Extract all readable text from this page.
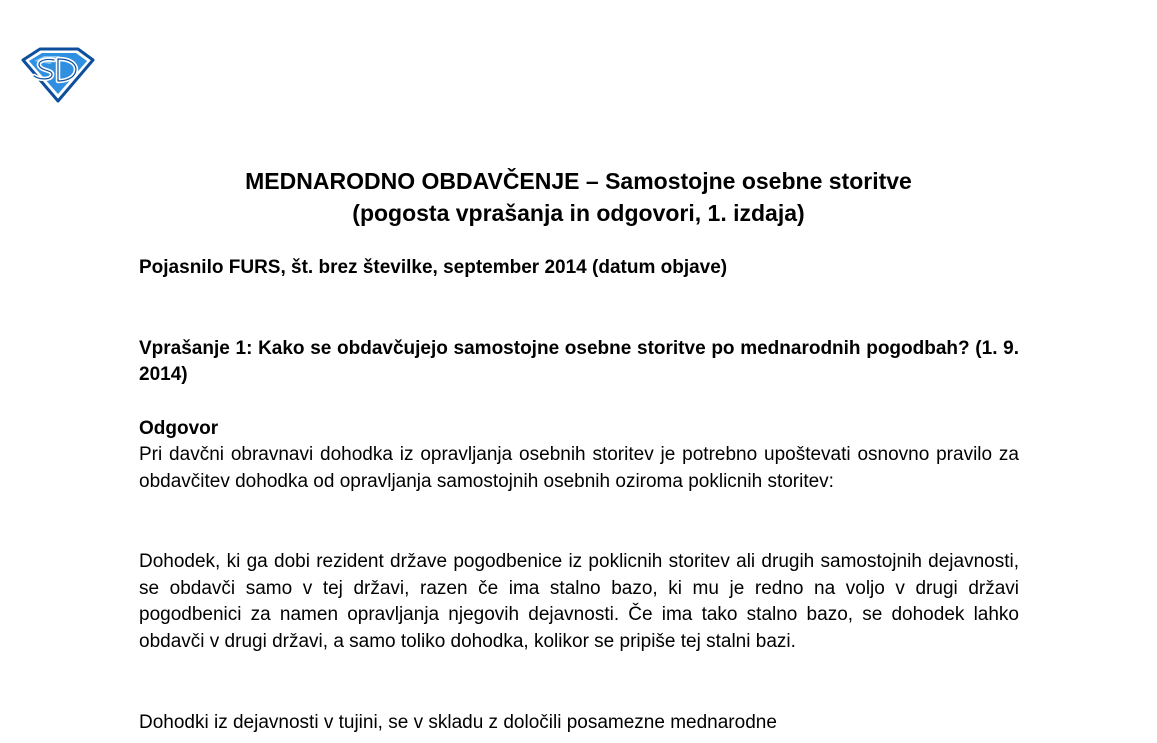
MEDNARODNO OBDAVČENJE – Samostojne osebne storitve
(pogosta vprašanja in odgovori, 1. izdaja)
Pojasnilo FURS, št. brez številke, september 2014 (datum objave)
Vprašanje 1: Kako se obdavčujejo samostojne osebne storitve po mednarodnih pogodbah? (1. 9. 2014)
Odgovor

Pri davčni obravnavi dohodka iz opravljanja osebnih storitev je potrebno upoštevati osnovno pravilo za obdavčitev dohodka od opravljanja samostojnih osebnih oziroma poklicnih storitev:

Dohodek, ki ga dobi rezident države pogodbenice iz poklicnih storitev ali drugih samostojnih dejavnosti, se obdavči samo v tej državi, razen če ima stalno bazo, ki mu je redno na voljo v drugi državi pogodbenici za namen opravljanja njegovih dejavnosti. Če ima tako stalno bazo, se dohodek lahko obdavči v drugi državi, a samo toliko dohodka, kolikor se pripiše tej stalni bazi.

Dohodki iz dejavnosti v tujini, se v skladu z določili posamezne mednarodne
